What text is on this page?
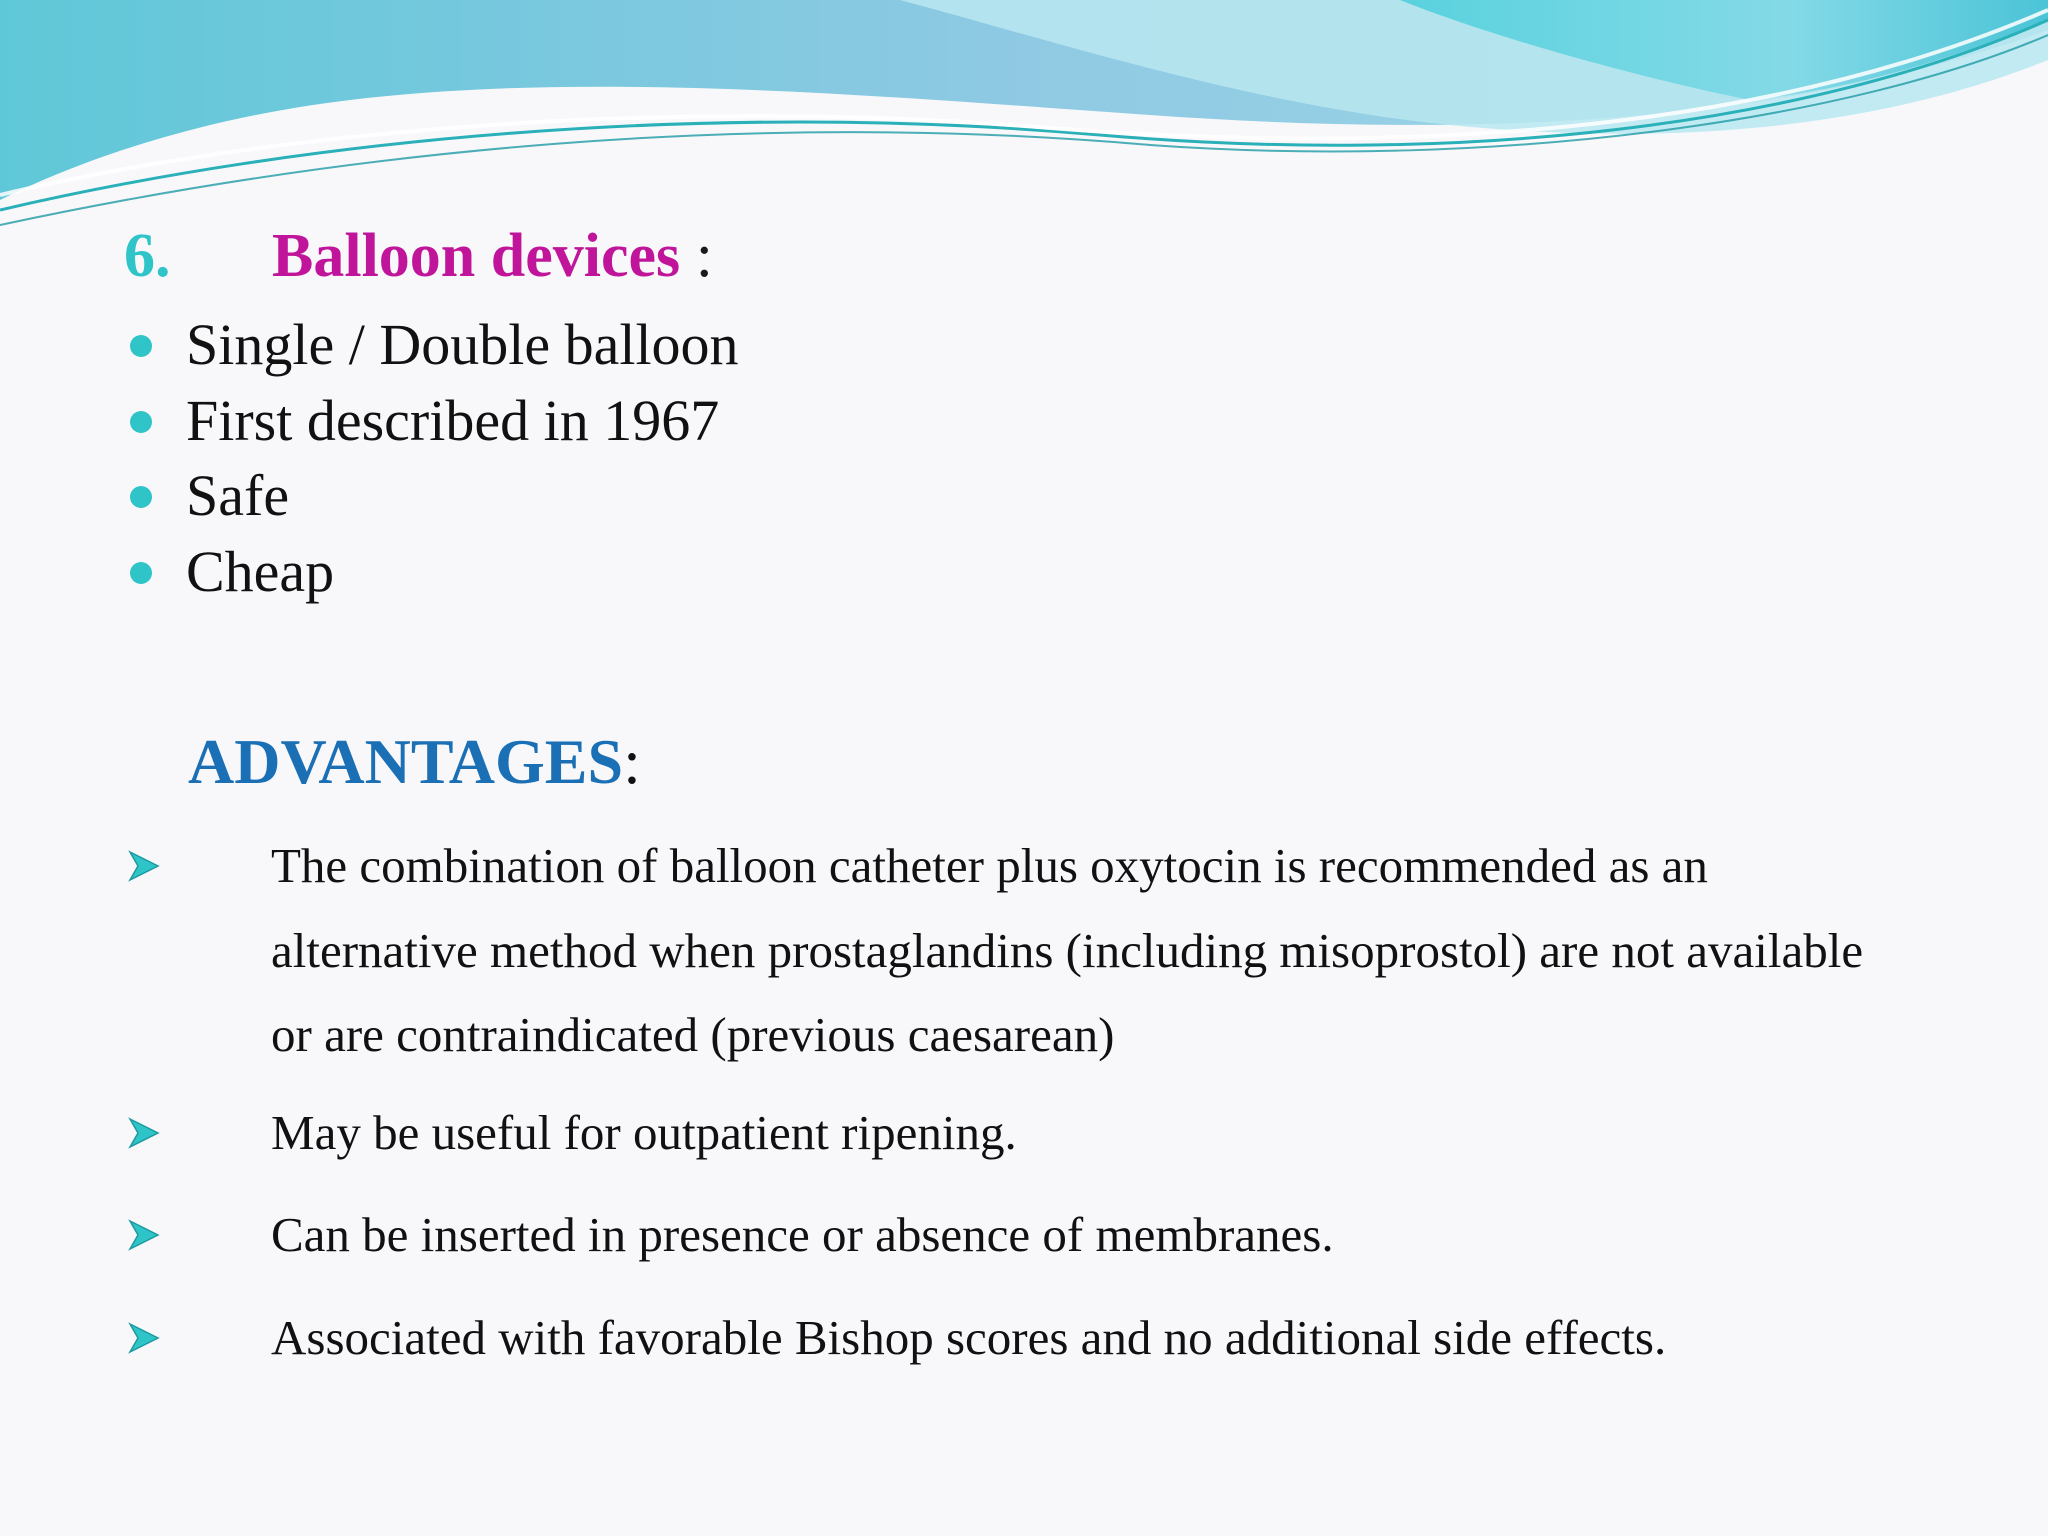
6. Balloon devices :
Single / Double balloon
First described in 1967
Safe
Cheap
ADVANTAGES:
The combination of balloon catheter plus oxytocin is recommended as an alternative method when prostaglandins (including misoprostol) are not available or are contraindicated (previous caesarean)
May be useful for outpatient ripening.
Can be inserted in presence or absence of membranes.
Associated with favorable Bishop scores and no additional side effects.
